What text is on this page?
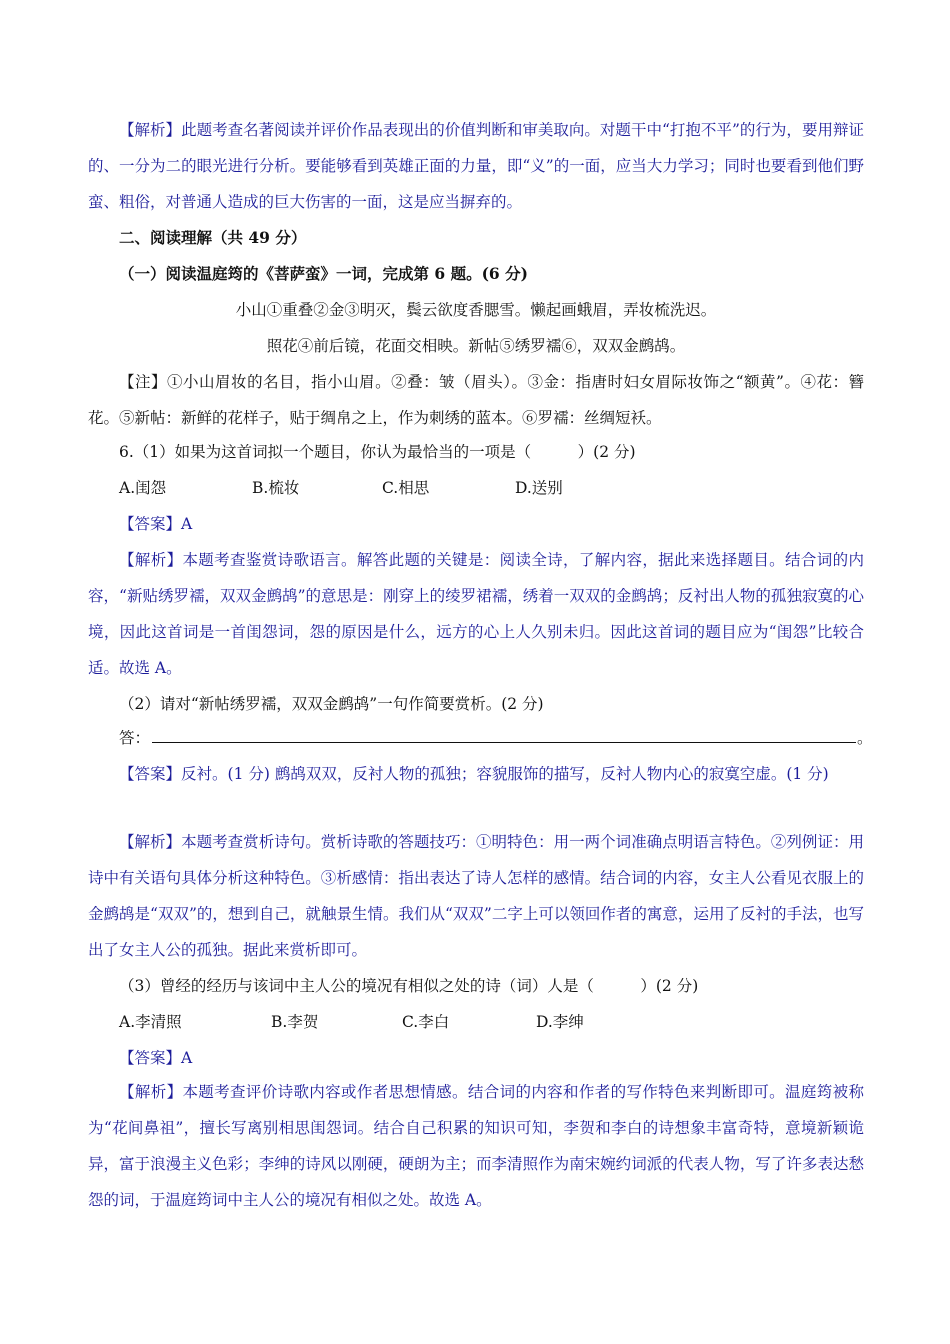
【解析】此题考查名著阅读并评价作品表现出的价值判断和审美取向。对题干中“打抱不平”的行为，要用辩证的、一分为二的眼光进行分析。要能够看到英雄正面的力量，即“义”的一面，应当大力学习；同时也要看到他们野蛮、粗俗，对普通人造成的巨大伤害的一面，这是应当摒弃的。

二、阅读理解（共 49 分）

（一）阅读温庭筠的《菩萨蛮》一词，完成第 6 题。(6 分)

小山①重叠②金③明灭，鬓云欲度香腮雪。懒起画蛾眉，弄妆梳洗迟。

照花④前后镜，花面交相映。新帖⑤绣罗襦⑥，双双金鹧鸪。

【注】①小山眉妆的名目，指小山眉。②叠：皱（眉头）。③金：指唐时妇女眉际妆饰之“额黄”。④花：簪花。⑤新帖：新鲜的花样子，贴于绸帛之上，作为刺绣的蓝本。⑥罗襦：丝绸短袄。

6.（1）如果为这首词拟一个题目，你认为最恰当的一项是（　　　）(2 分)

A.闺怨	B.梳妆	C.相思	D.送别

【答案】A

【解析】本题考查鉴赏诗歌语言。解答此题的关键是：阅读全诗，了解内容，据此来选择题目。结合词的内容，“新贴绣罗襦，双双金鹧鸪”的意思是：刚穿上的绫罗裙襦，绣着一双双的金鹧鸪；反衬出人物的孤独寂寞的心境，因此这首词是一首闺怨词，怨的原因是什么，远方的心上人久别未归。因此这首词的题目应为“闺怨”比较合适。故选 A。

（2）请对“新帖绣罗襦，双双金鹧鸪”一句作简要赏析。(2 分)

答：	。

【答案】反衬。(1 分) 鹧鸪双双，反衬人物的孤独；容貌服饰的描写，反衬人物内心的寂寞空虚。(1 分)

【解析】本题考查赏析诗句。赏析诗歌的答题技巧：①明特色：用一两个词准确点明语言特色。②列例证：用诗中有关语句具体分析这种特色。③析感情：指出表达了诗人怎样的感情。结合词的内容，女主人公看见衣服上的金鹧鸪是“双双”的，想到自己，就触景生情。我们从“双双”二字上可以领回作者的寓意，运用了反衬的手法，也写出了女主人公的孤独。据此来赏析即可。

（3）曾经的经历与该词中主人公的境况有相似之处的诗（词）人是（　　　）(2 分)

A.李清照	B.李贺	C.李白	D.李绅

【答案】A

【解析】本题考查评价诗歌内容或作者思想情感。结合词的内容和作者的写作特色来判断即可。温庭筠被称为“花间鼻祖”，擅长写离别相思闺怨词。结合自己积累的知识可知，李贺和李白的诗想象丰富奇特，意境新颖诡异，富于浪漫主义色彩；李绅的诗风以刚硬，硬朗为主；而李清照作为南宋婉约词派的代表人物，写了许多表达愁怨的词，于温庭筠词中主人公的境况有相似之处。故选 A。
